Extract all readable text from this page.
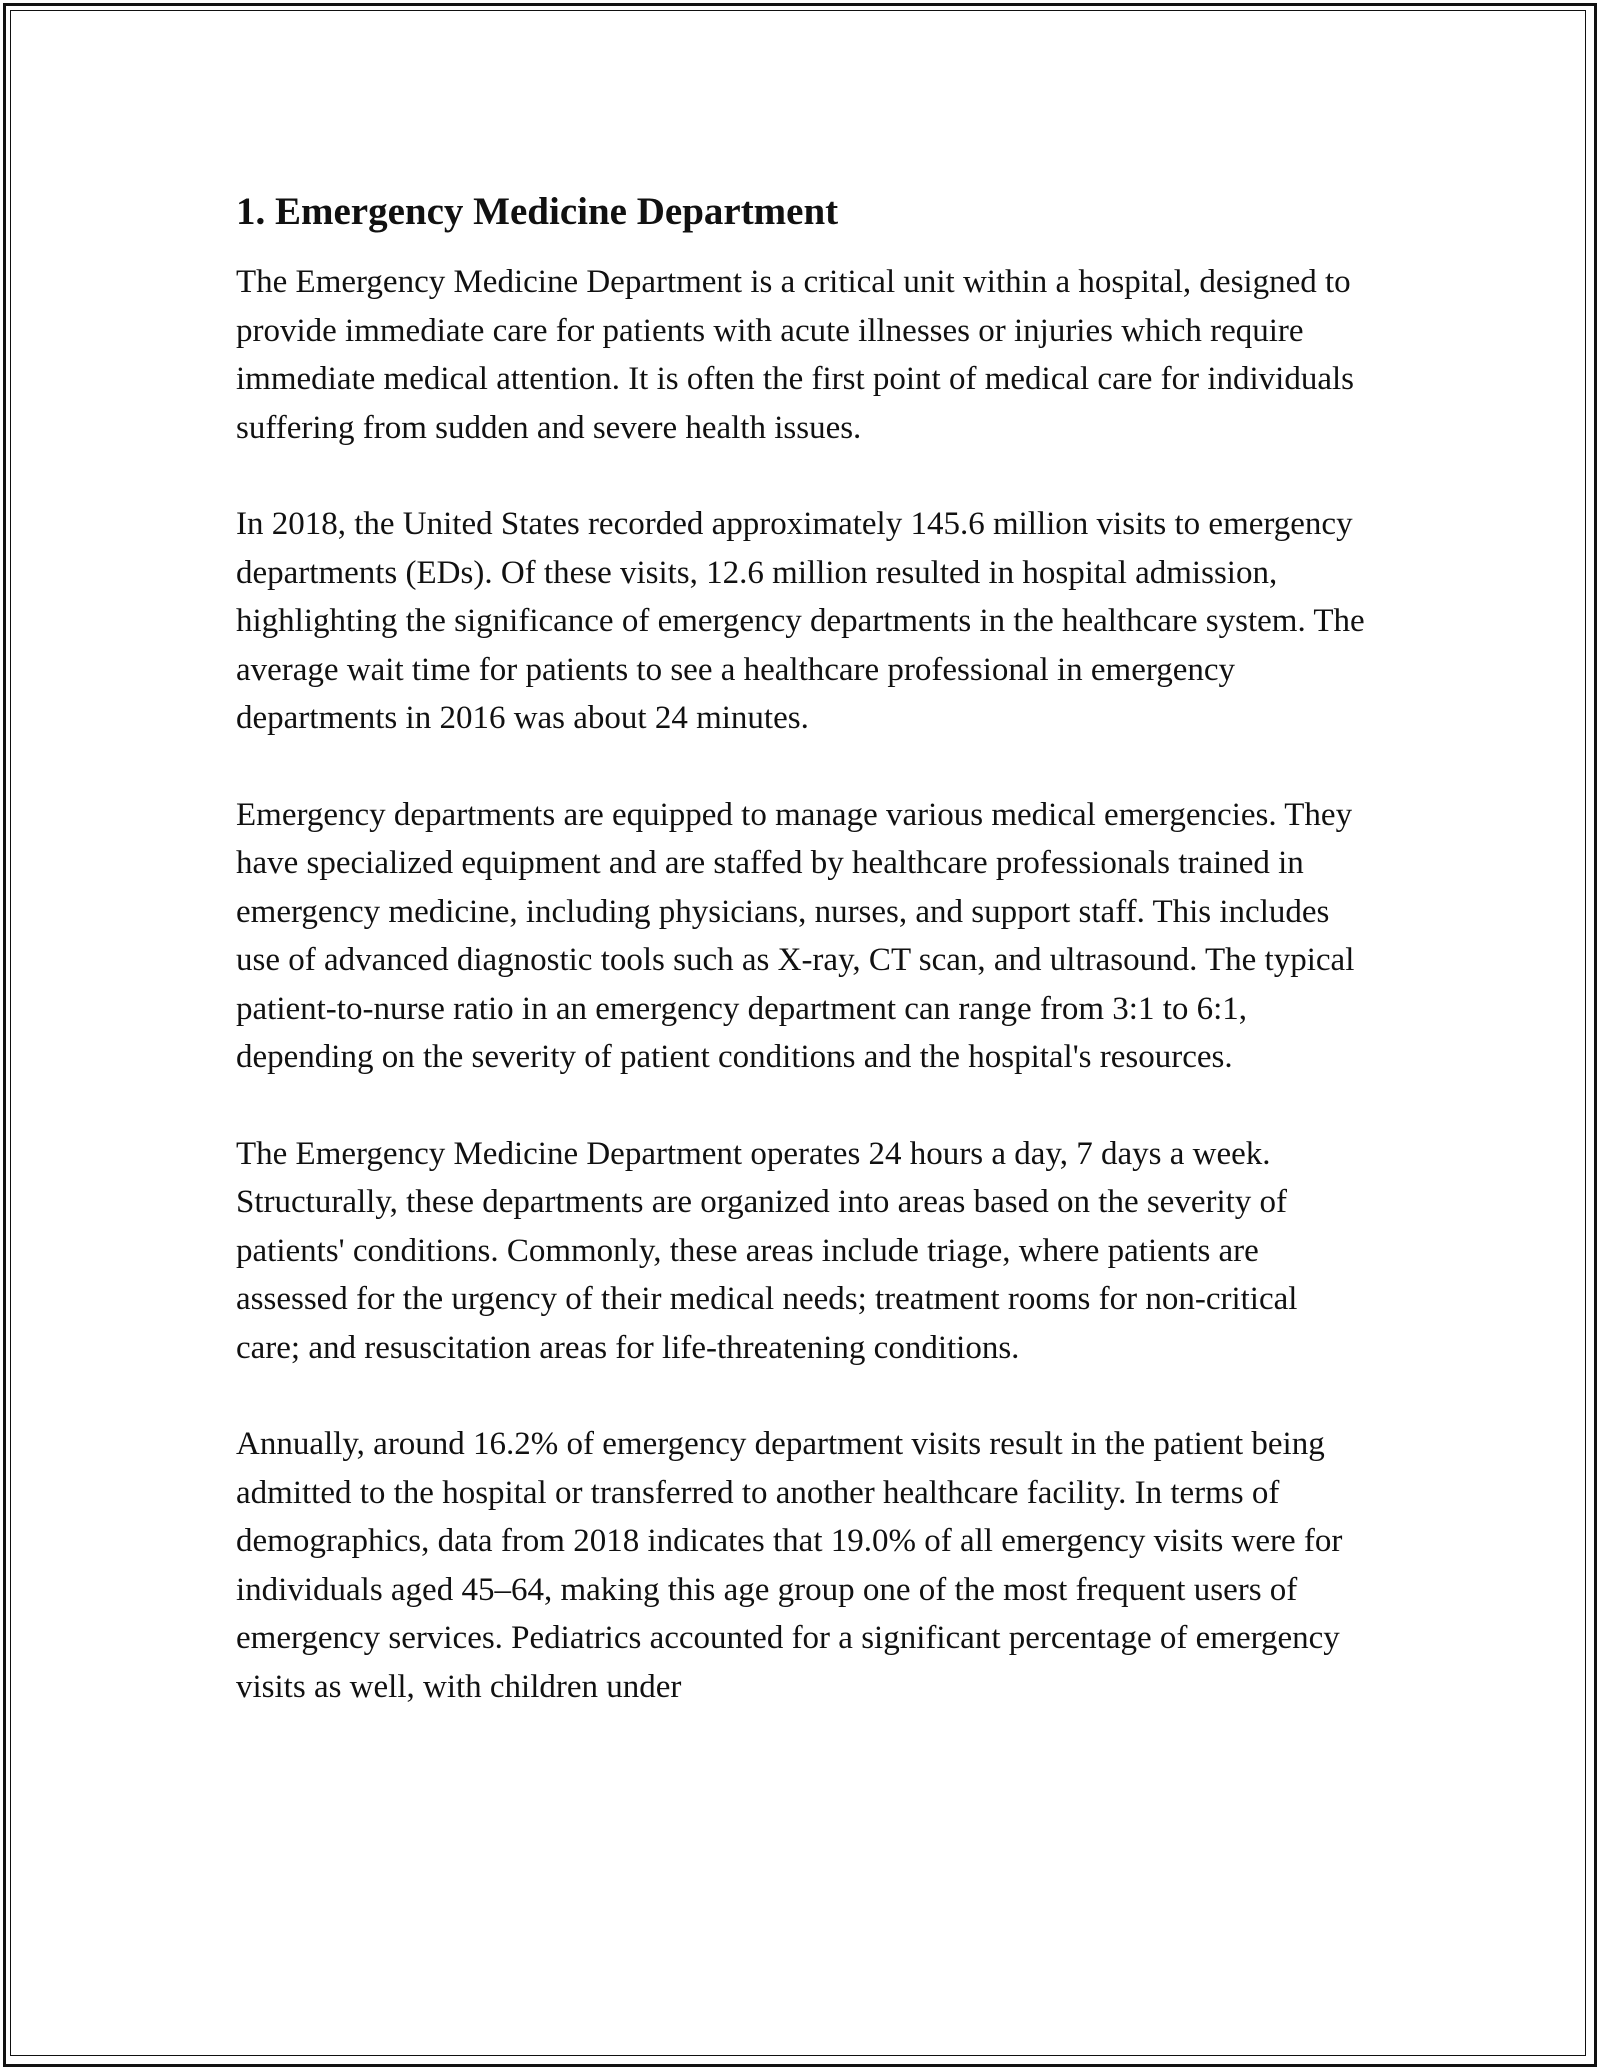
1. Emergency Medicine Department

The Emergency Medicine Department is a critical unit within a hospital, designed to provide immediate care for patients with acute illnesses or injuries which require immediate medical attention. It is often the first point of medical care for individuals suffering from sudden and severe health issues.

In 2018, the United States recorded approximately 145.6 million visits to emergency departments (EDs). Of these visits, 12.6 million resulted in hospital admission, highlighting the significance of emergency departments in the healthcare system. The average wait time for patients to see a healthcare professional in emergency departments in 2016 was about 24 minutes.

Emergency departments are equipped to manage various medical emergencies. They have specialized equipment and are staffed by healthcare professionals trained in emergency medicine, including physicians, nurses, and support staff. This includes use of advanced diagnostic tools such as X-ray, CT scan, and ultrasound. The typical patient-to-nurse ratio in an emergency department can range from 3:1 to 6:1, depending on the severity of patient conditions and the hospital's resources.

The Emergency Medicine Department operates 24 hours a day, 7 days a week. Structurally, these departments are organized into areas based on the severity of patients' conditions. Commonly, these areas include triage, where patients are assessed for the urgency of their medical needs; treatment rooms for non-critical care; and resuscitation areas for life-threatening conditions.

Annually, around 16.2% of emergency department visits result in the patient being admitted to the hospital or transferred to another healthcare facility. In terms of demographics, data from 2018 indicates that 19.0% of all emergency visits were for individuals aged 45–64, making this age group one of the most frequent users of emergency services. Pediatrics accounted for a significant percentage of emergency visits as well, with children under
